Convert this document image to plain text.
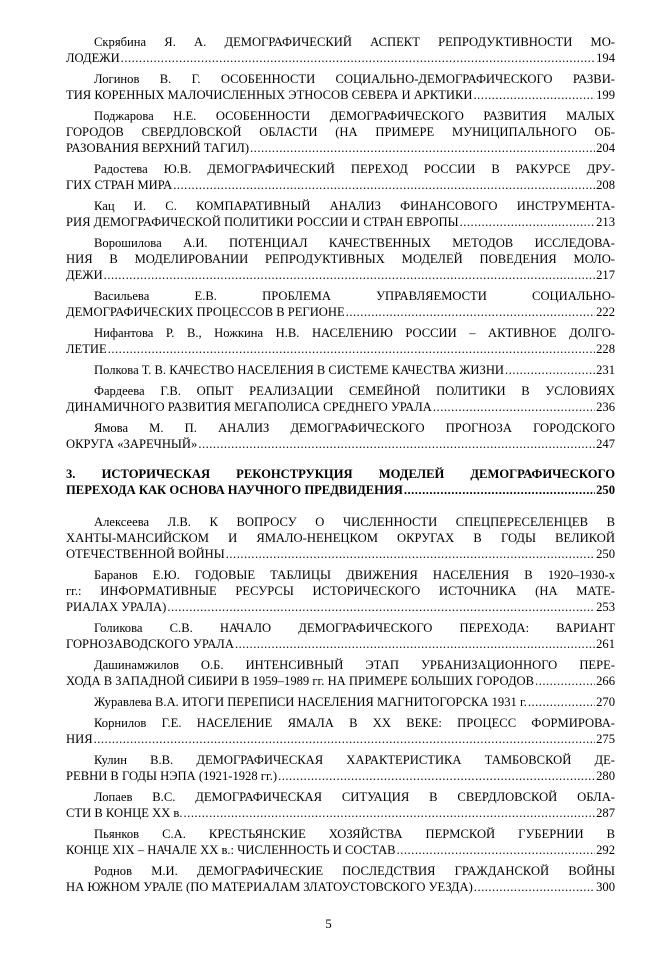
Скрябина Я. А. ДЕМОГРАФИЧЕСКИЙ АСПЕКТ РЕПРОДУКТИВНОСТИ МО-
ЛОДЕЖИ .....	194
Логинов В. Г. ОСОБЕННОСТИ СОЦИАЛЬНО-ДЕМОГРАФИЧЕСКОГО РАЗВИ-
ТИЯ КОРЕННЫХ МАЛОЧИСЛЕННЫХ ЭТНОСОВ СЕВЕРА И АРКТИКИ .....	199
Поджарова Н.Е. ОСОБЕННОСТИ ДЕМОГРАФИЧЕСКОГО РАЗВИТИЯ МАЛЫХ
ГОРОДОВ СВЕРДЛОВСКОЙ ОБЛАСТИ (НА ПРИМЕРЕ МУНИЦИПАЛЬНОГО ОБ-
РАЗОВАНИЯ ВЕРХНИЙ ТАГИЛ) .....	204
Радостева Ю.В. ДЕМОГРАФИЧЕСКИЙ ПЕРЕХОД РОССИИ В РАКУРСЕ ДРУ-
ГИХ СТРАН МИРА .....	208
Кац И. С. КОМПАРАТИВНЫЙ АНАЛИЗ ФИНАНСОВОГО ИНСТРУМЕНТА-
РИЯ ДЕМОГРАФИЧЕСКОЙ ПОЛИТИКИ РОССИИ И СТРАН ЕВРОПЫ .....	213
Ворошилова А.И. ПОТЕНЦИАЛ КАЧЕСТВЕННЫХ МЕТОДОВ ИССЛЕДОВА-
НИЯ В МОДЕЛИРОВАНИИ РЕПРОДУКТИВНЫХ МОДЕЛЕЙ ПОВЕДЕНИЯ МОЛО-
ДЕЖИ .....	217
Васильева Е.В. ПРОБЛЕМА УПРАВЛЯЕМОСТИ СОЦИАЛЬНО-
ДЕМОГРАФИЧЕСКИХ ПРОЦЕССОВ В РЕГИОНЕ .....	222
Нифантова Р. В., Ножкина Н.В. НАСЕЛЕНИЮ РОССИИ – АКТИВНОЕ ДОЛГО-
ЛЕТИЕ .....	228
Полкова Т. В. КАЧЕСТВО НАСЕЛЕНИЯ В СИСТЕМЕ КАЧЕСТВА ЖИЗНИ .....	231
Фардеева Г.В. ОПЫТ РЕАЛИЗАЦИИ СЕМЕЙНОЙ ПОЛИТИКИ В УСЛОВИЯХ
ДИНАМИЧНОГО РАЗВИТИЯ МЕГАПОЛИСА СРЕДНЕГО УРАЛА .....	236
Ямова М. П. АНАЛИЗ ДЕМОГРАФИЧЕСКОГО ПРОГНОЗА ГОРОДСКОГО
ОКРУГА «ЗАРЕЧНЫЙ» .....	247
3. ИСТОРИЧЕСКАЯ РЕКОНСТРУКЦИЯ МОДЕЛЕЙ ДЕМОГРАФИЧЕСКОГО
ПЕРЕХОДА КАК ОСНОВА НАУЧНОГО ПРЕДВИДЕНИЯ .....	250
Алексеева Л.В. К ВОПРОСУ О ЧИСЛЕННОСТИ СПЕЦПЕРЕСЕЛЕНЦЕВ В
ХАНТЫ-МАНСИЙСКОМ И ЯМАЛО-НЕНЕЦКОМ ОКРУГАХ В ГОДЫ ВЕЛИКОЙ
ОТЕЧЕСТВЕННОЙ ВОЙНЫ .....	250
Баранов Е.Ю. ГОДОВЫЕ ТАБЛИЦЫ ДВИЖЕНИЯ НАСЕЛЕНИЯ В 1920–1930-х
гг.: ИНФОРМАТИВНЫЕ РЕСУРСЫ ИСТОРИЧЕСКОГО ИСТОЧНИКА (НА МАТЕ-
РИАЛАХ УРАЛА) .....	253
Голикова С.В. НАЧАЛО ДЕМОГРАФИЧЕСКОГО ПЕРЕХОДА: ВАРИАНТ
ГОРНОЗАВОДСКОГО УРАЛА .....	261
Дашинамжилов О.Б. ИНТЕНСИВНЫЙ ЭТАП УРБАНИЗАЦИОННОГО ПЕРЕ-
ХОДА В ЗАПАДНОЙ СИБИРИ В 1959–1989 гг. НА ПРИМЕРЕ БОЛЬШИХ ГОРОДОВ .....	266
Журавлева В.А. ИТОГИ ПЕРЕПИСИ НАСЕЛЕНИЯ МАГНИТОГОРСКА 1931 г. .....	270
Корнилов Г.Е. НАСЕЛЕНИЕ ЯМАЛА В ХХ ВЕКЕ: ПРОЦЕСС ФОРМИРОВА-
НИЯ .....	275
Кулин В.В. ДЕМОГРАФИЧЕСКАЯ ХАРАКТЕРИСТИКА ТАМБОВСКОЙ ДЕ-
РЕВНИ В ГОДЫ НЭПА (1921-1928 гг.) .....	280
Лопаев В.С. ДЕМОГРАФИЧЕСКАЯ СИТУАЦИЯ В СВЕРДЛОВСКОЙ ОБЛА-
СТИ В КОНЦЕ ХХ в. .....	287
Пьянков С.А. КРЕСТЬЯНСКИЕ ХОЗЯЙСТВА ПЕРМСКОЙ ГУБЕРНИИ В
КОНЦЕ XIX – НАЧАЛЕ ХХ в.: ЧИСЛЕННОСТЬ И СОСТАВ .....	292
Роднов М.И. ДЕМОГРАФИЧЕСКИЕ ПОСЛЕДСТВИЯ ГРАЖДАНСКОЙ ВОЙНЫ
НА ЮЖНОМ УРАЛЕ (ПО МАТЕРИАЛАМ ЗЛАТОУСТОВСКОГО УЕЗДА) .....	300
5
